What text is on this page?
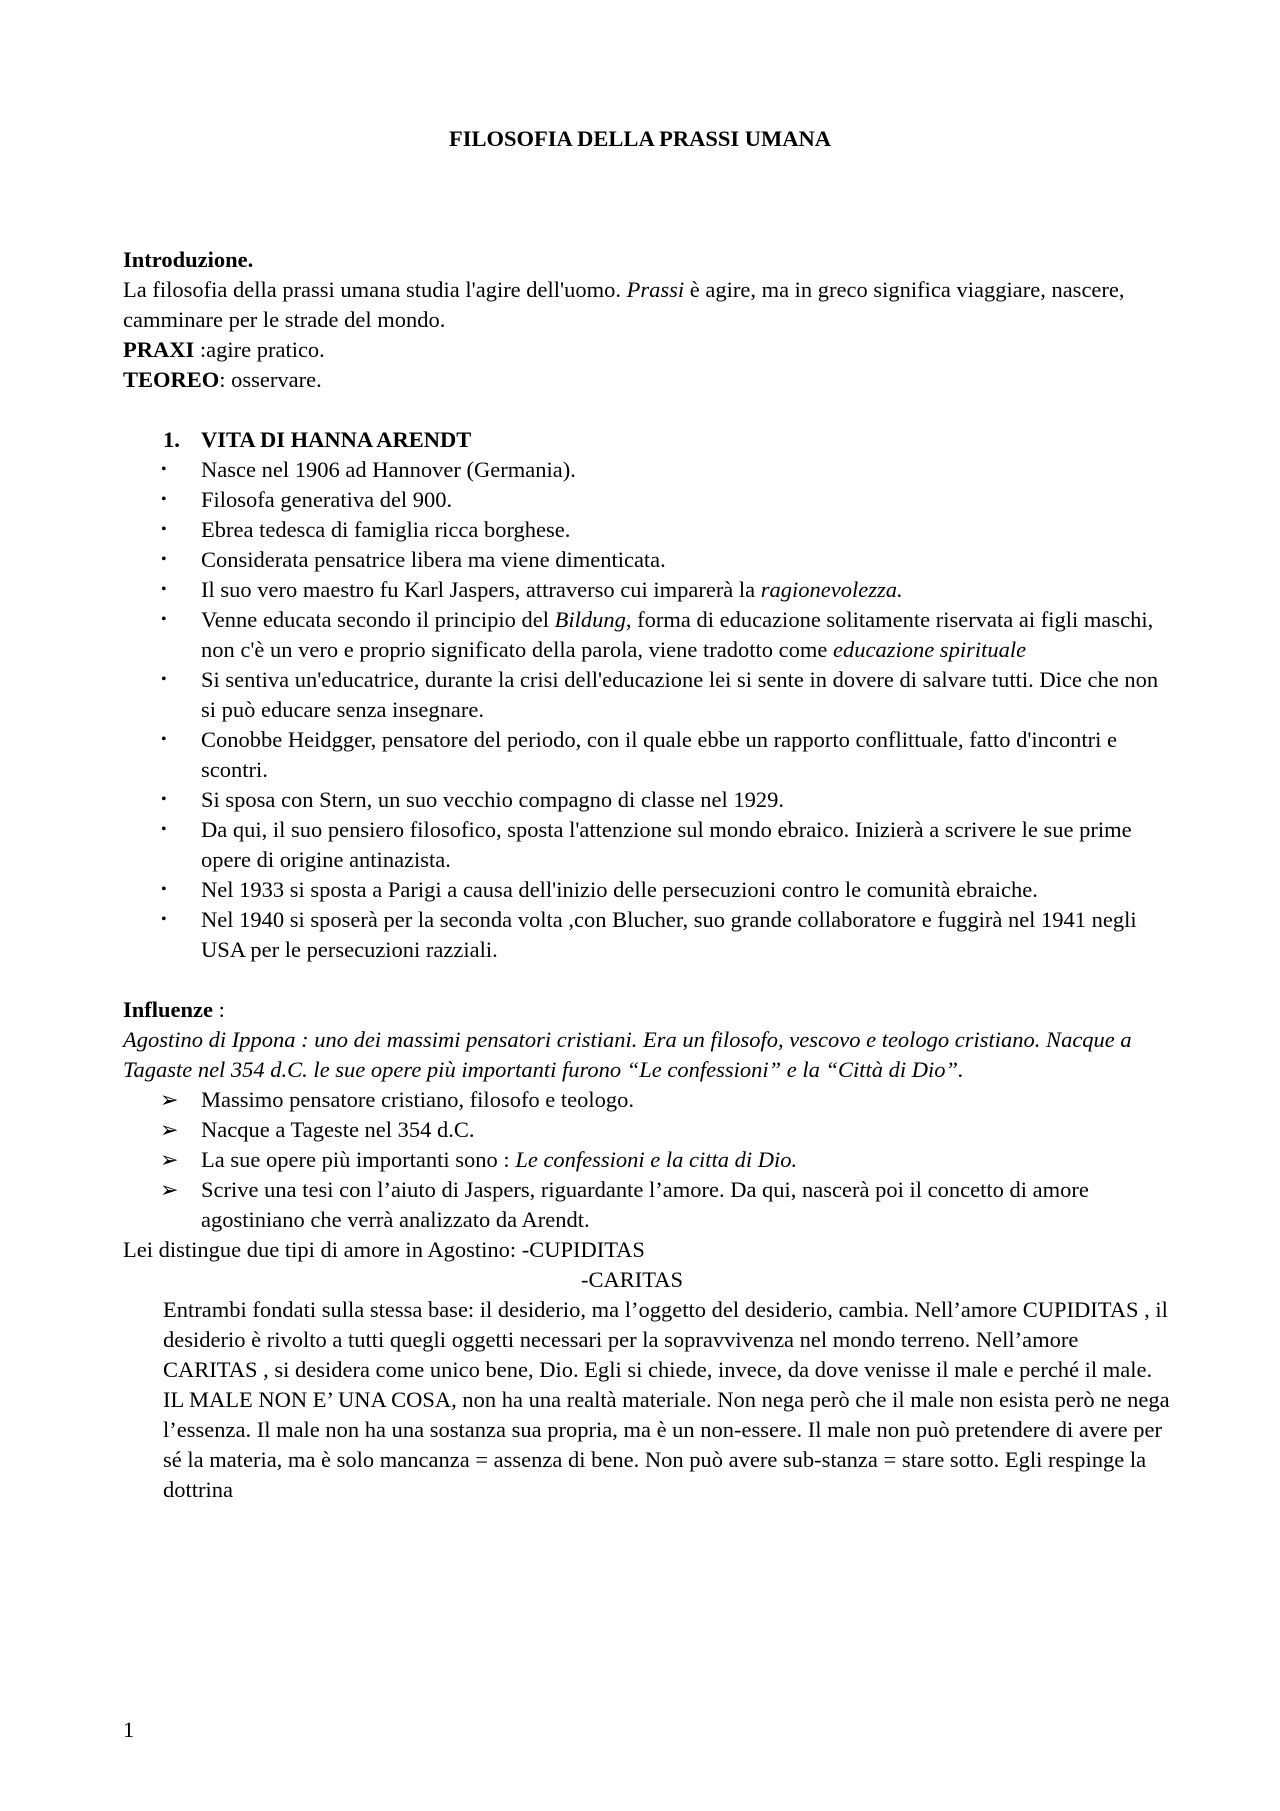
FILOSOFIA DELLA PRASSI UMANA

Introduzione.

La filosofia della prassi umana studia l'agire dell'uomo. Prassi è agire, ma in greco significa viaggiare, nascere, camminare per le strade del mondo.

PRAXI :agire pratico.

TEOREO: osservare.

1. VITA DI HANNA ARENDT
• Nasce nel 1906 ad Hannover (Germania).
• Filosofa generativa del 900.
• Ebrea tedesca di famiglia ricca borghese.
• Considerata pensatrice libera ma viene dimenticata.
• Il suo vero maestro fu Karl Jaspers, attraverso cui imparerà la ragionevolezza.
• Venne educata secondo il principio del Bildung, forma di educazione solitamente riservata ai figli maschi, non c'è un vero e proprio significato della parola, viene tradotto come educazione spirituale
• Si sentiva un'educatrice, durante la crisi dell'educazione lei si sente in dovere di salvare tutti. Dice che non si può educare senza insegnare.
• Conobbe Heidgger, pensatore del periodo, con il quale ebbe un rapporto conflittuale, fatto d'incontri e scontri.
• Si sposa con Stern, un suo vecchio compagno di classe nel 1929.
• Da qui, il suo pensiero filosofico, sposta l'attenzione sul mondo ebraico. Inizierà a scrivere le sue prime opere di origine antinazista.
• Nel 1933 si sposta a Parigi a causa dell'inizio delle persecuzioni contro le comunità ebraiche.
• Nel 1940 si sposerà per la seconda volta ,con Blucher, suo grande collaboratore e fuggirà nel 1941 negli USA per le persecuzioni razziali.

Influenze :

Agostino di Ippona : uno dei massimi pensatori cristiani. Era un filosofo, vescovo e teologo cristiano. Nacque a Tagaste nel 354 d.C. le sue opere più importanti furono “Le confessioni” e la “Città di Dio”.

➢ Massimo pensatore cristiano, filosofo e teologo.
➢ Nacque a Tageste nel 354 d.C.
➢ La sue opere più importanti sono : Le confessioni e la citta di Dio.
➢ Scrive una tesi con l’aiuto di Jaspers, riguardante l’amore. Da qui, nascerà poi il concetto di amore agostiniano che verrà analizzato da Arendt.

Lei distingue due tipi di amore in Agostino: -CUPIDITAS

-CARITAS

Entrambi fondati sulla stessa base: il desiderio, ma l’oggetto del desiderio, cambia. Nell’amore CUPIDITAS , il desiderio è rivolto a tutti quegli oggetti necessari per la sopravvivenza nel mondo terreno. Nell’amore CARITAS , si desidera come unico bene, Dio. Egli si chiede, invece, da dove venisse il male e perché il male. IL MALE NON E’ UNA COSA, non ha una realtà materiale. Non nega però che il male non esista però ne nega l’essenza. Il male non ha una sostanza sua propria, ma è un non-essere. Il male non può pretendere di avere per sé la materia, ma è solo mancanza = assenza di bene. Non può avere sub-stanza = stare sotto. Egli respinge la dottrina

1
